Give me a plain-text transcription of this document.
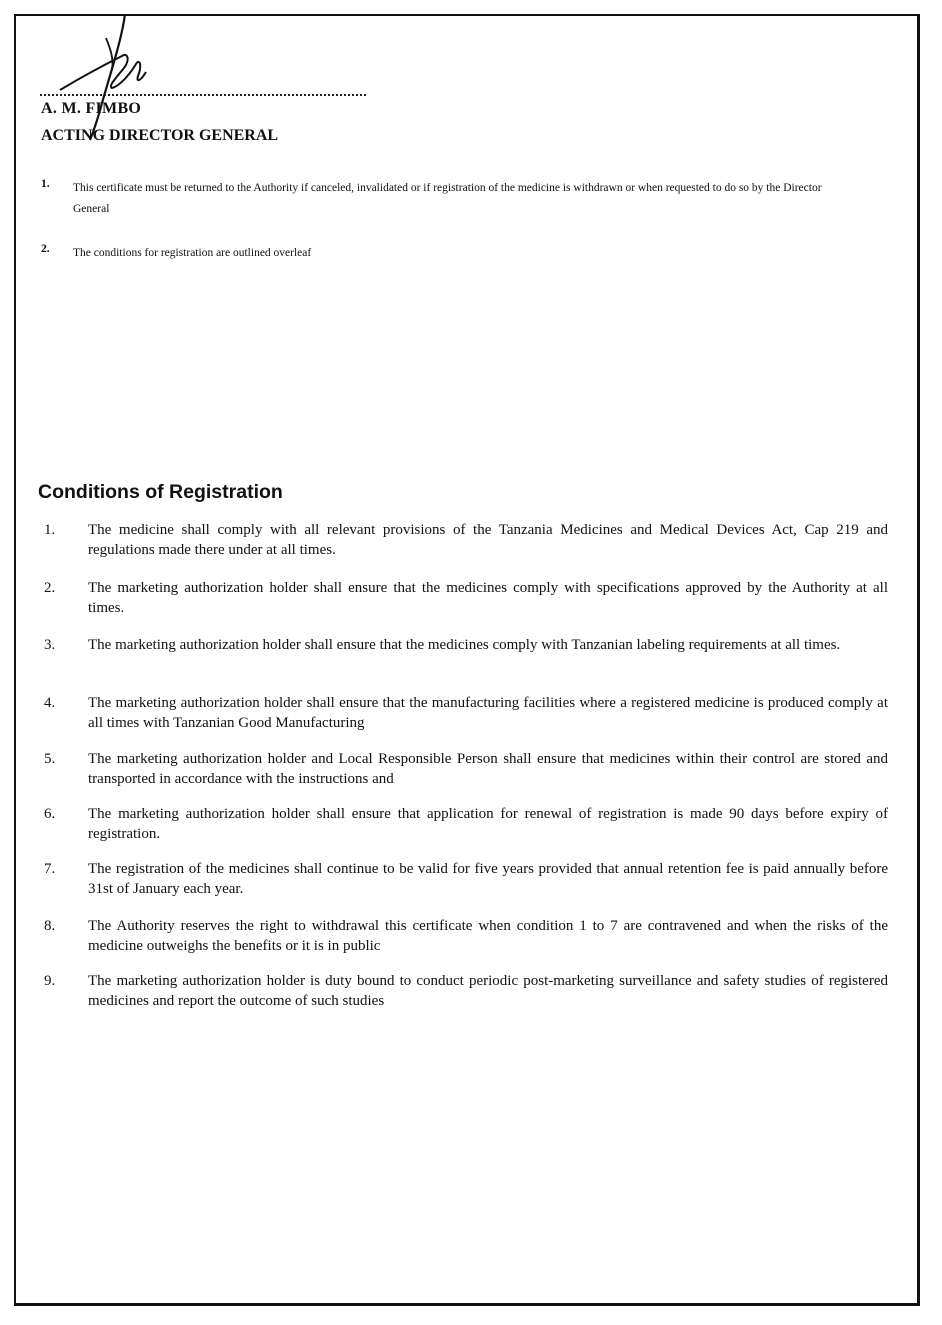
A. M. FIMBO
ACTING DIRECTOR GENERAL
1.	This certificate must be returned to the Authority if canceled, invalidated or if registration of the medicine is withdrawn or when requested to do so by the Director General
2.	The conditions for registration are outlined overleaf
Conditions of Registration
1.	The medicine shall comply with all relevant provisions of the Tanzania Medicines and Medical Devices Act, Cap 219 and regulations made there under at all times.
2.	The marketing authorization holder shall ensure that the medicines comply with specifications approved by the Authority at all times.
3.	The marketing authorization holder shall ensure that the medicines comply with Tanzanian labeling requirements at all times.
4.	The marketing authorization holder shall ensure that the manufacturing facilities where a registered medicine is produced comply at all times with Tanzanian Good Manufacturing
5.	The marketing authorization holder and Local Responsible Person shall ensure that medicines within their control are stored and transported in accordance with the instructions and
6.	The marketing authorization holder shall ensure that application for renewal of registration is made 90 days before expiry of registration.
7.	The registration of the medicines shall continue to be valid for five years provided that annual retention fee is paid annually before 31st of January each year.
8.	The Authority reserves the right to withdrawal this certificate when condition 1 to 7 are contravened and when the risks of the medicine outweighs the benefits or it is in public
9.	The marketing authorization holder is duty bound to conduct periodic post-marketing surveillance and safety studies of registered medicines and report the outcome of such studies
